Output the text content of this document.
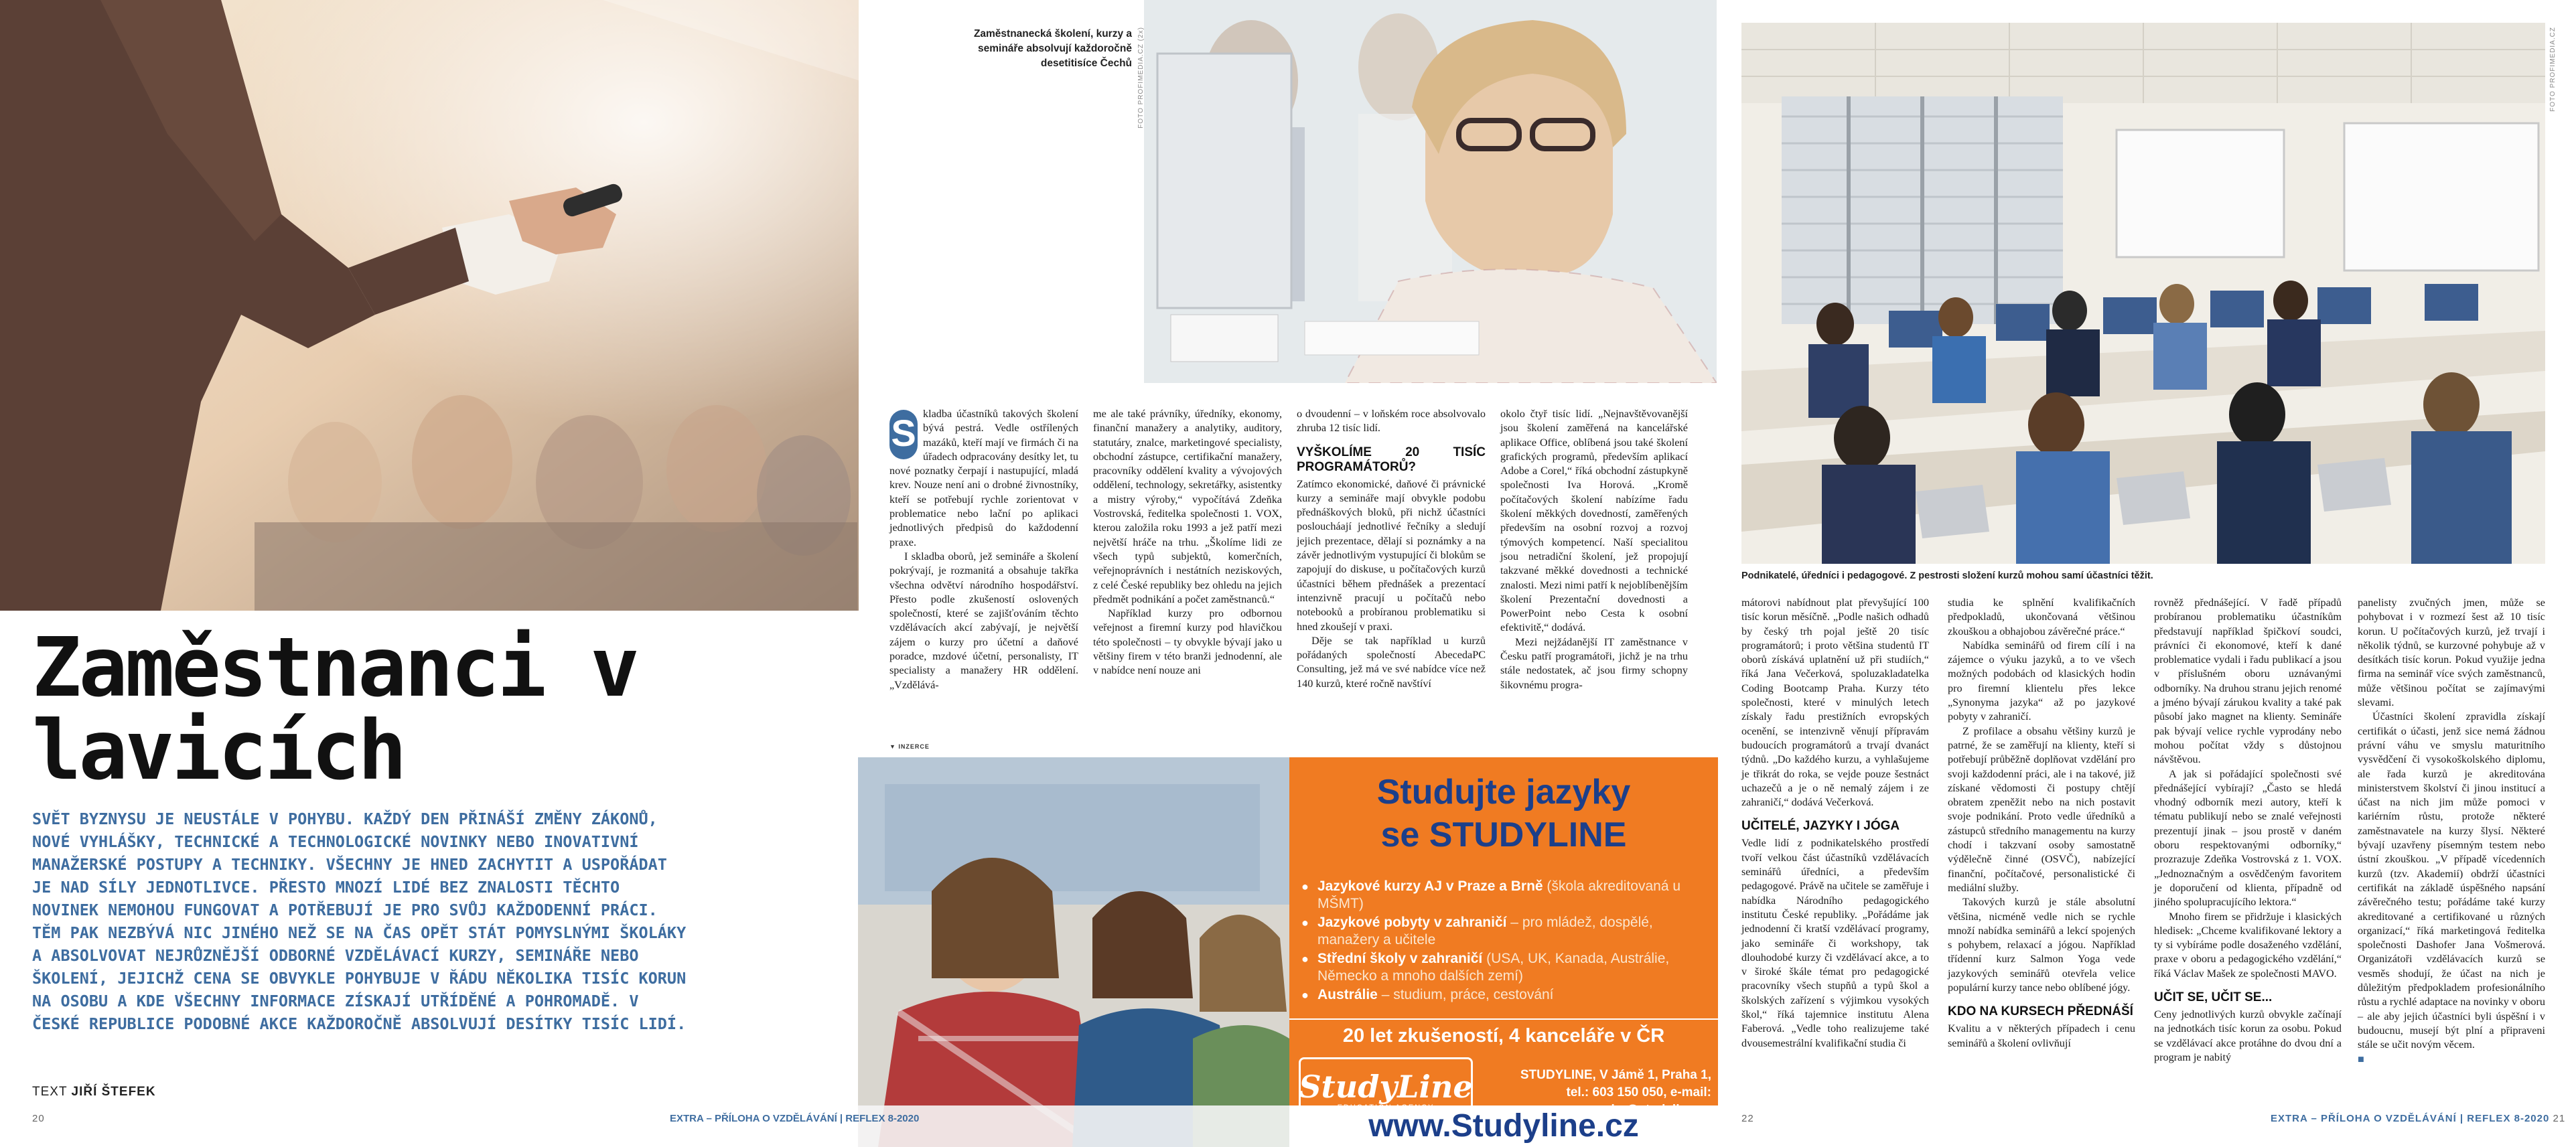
Zaměstnanci v lavicích
SVĚT BYZNYSU JE NEUSTÁLE V POHYBU. KAŽDÝ DEN PŘINÁŠÍ ZMĚNY ZÁKONŮ, NOVÉ VYHLÁŠKY, TECHNICKÉ A TECHNOLOGICKÉ NOVINKY NEBO INOVATIVNÍ MANAŽERSKÉ POSTUPY A TECHNIKY. VŠECHNY JE HNED ZACHYTIT A USPOŘÁDAT JE NAD SÍLY JEDNOTLIVCE. PŘESTO MNOZÍ LIDÉ BEZ ZNALOSTI TĚCHTO NOVINEK NEMOHOU FUNGOVAT A POTŘEBUJÍ JE PRO SVŮJ KAŽDODENNÍ PRÁCI. TĚM PAK NEZBÝVÁ NIC JINÉHO NEŽ SE NA ČAS OPĚT STÁT POMYSLNÝMI ŠKOLÁKY A ABSOLVOVAT NEJRŮZNĚJŠÍ ODBORNÉ VZDĚLÁVACÍ KURZY, SEMINÁŘE NEBO ŠKOLENÍ, JEJICHŽ CENA SE OBVYKLE POHYBUJE V ŘÁDU NĚKOLIKA TISÍC KORUN NA OSOBU A KDE VŠECHNY INFORMACE ZÍSKAJÍ UTŘÍDĚNÉ A POHROMADĚ. V ČESKÉ REPUBLICE PODOBNÉ AKCE KAŽDOROČNĚ ABSOLVUJÍ DESÍTKY TISÍC LIDÍ.
TEXT JIŘÍ ŠTEFEK
20
Zaměstnanecká školení, kurzy a semináře absolvují každoročně desetitisíce Čechů FOTO PROFIMEDIA.CZ (2x)

S kladba účastníků takových školení bývá pestrá. Vedle ostřílených mazáků, kteří mají ve firmách či na úřadech odpracovány desítky let, tu nové poznatky čerpají i nastupující, mladá krev. Nouze není ani o drobné živnostníky, kteří se potřebují rychle zorientovat v problematice nebo lační po aplikaci jednotlivých předpisů do každodenní praxe.

I skladba oborů, jež semináře a školení pokrývají, je rozmanitá a obsahuje takřka všechna odvětví národního hospodářství. Přesto podle zkušeností oslovených společností, které se zajišťováním těchto vzdělávacích akcí zabývají, je největší zájem o kurzy pro účetní a daňové poradce, mzdové účetní, personalisty, IT specialisty a manažery HR oddělení. „Vzdělává-

me ale také právníky, úředníky, ekonomy, finanční manažery a analytiky, auditory, statutáry, znalce, marketingové specialisty, obchodní zástupce, certifikační manažery, pracovníky oddělení kvality a vývojových oddělení, technology, sekretářky, asistentky a mistry výroby,“ vypočítává Zdeňka Vostrovská, ředitelka společnosti 1. VOX, kterou založila roku 1993 a jež patří mezi největší hráče na trhu. „Školíme lidi ze všech typů subjektů, komerčních, veřejnoprávních i nestátních neziskových, z celé České republiky bez ohledu na jejich předmět podnikání a počet zaměstnanců.“

Například kurzy pro odbornou veřejnost a firemní kurzy pod hlavičkou této společnosti – ty obvykle bývají jako u většiny firem v této branži jednodenní, ale v nabídce není nouze ani

o dvoudenní – v loňském roce absolvovalo zhruba 12 tisíc lidí.

VYŠKOLÍME 20 TISÍC PROGRAMÁTORŮ?

Zatímco ekonomické, daňové či právnické kurzy a semináře mají obvykle podobu přednáškových bloků, při nichž účastníci posloucháají jednotlivé řečníky a sledují jejich prezentace, dělají si poznámky a na závěr jednotlivým vystupující či blokům se zapojují do diskuse, u počítačových kurzů účastníci během přednášek a prezentací intenzivně pracují u počítačů nebo notebooků a probíranou problematiku si hned zkoušejí v praxi.

Děje se tak například u kurzů pořádaných společností AbecedaPC Consulting, jež má ve své nabídce více než 140 kurzů, které ročně navštíví

okolo čtyř tisíc lidí. „Nejnavštěvovanější jsou školení zaměřená na kancelářské aplikace Office, oblíbená jsou také školení grafických programů, především aplikací Adobe a Corel,“ říká obchodní zástupkyně společnosti Iva Horová. „Kromě počítačových školení nabízíme řadu školení měkkých dovedností, zaměřených především na osobní rozvoj a rozvoj týmových kompetencí. Naší specialitou jsou netradiční školení, jež propojují takzvané měkké dovednosti a technické znalosti. Mezi nimi patří k nejoblíbenějším školení Prezentační dovednosti a PowerPoint nebo Cesta k osobní efektivitě,“ dodává.

Mezi nejžádanější IT zaměstnance v Česku patří programátoři, jichž je na trhu stále nedostatek, ač jsou firmy schopny šikovnému progra-

▼ INZERCE
Studujte jazyky
se STUDYLINE
● Jazykové kurzy AJ v Praze a Brně (škola akreditovaná u MŠMT)
● Jazykové pobyty v zahraničí – pro mládež, dospělé, manažery a učitele
● Střední školy v zahraničí (USA, UK, Kanada, Austrálie, Německo a mnoho dalších zemí)
● Austrálie – studium, práce, cestování
20 let zkušeností, 4 kanceláře v ČR
StudyLine	STUDYLINE, V Jámě 1, Praha 1,
tel.: 603 150 050, e-mail:
www.Studyline.cz
FOTO PROFIMEDIA.CZ
Podnikatelé, úředníci i pedagogové. Z pestrosti složení kurzů mohou samí účastníci těžit.

mátorovi nabídnout plat převyšující 100 tisíc korun měsíčně. „Podle našich odhadů by český trh pojal ještě 20 tisíc programátorů; i proto většina studentů IT oborů získává uplatnění už při studiích,“ říká Jana Večerková, spoluzakladatelka Coding Bootcamp Praha. Kurzy této společnosti, které v minulých letech získaly řadu prestižních evropských ocenění, se intenzivně věnují přípravám budoucích programátorů a trvají dvanáct týdnů. „Do každého kurzu, a vyhlašujeme je třikrát do roka, se vejde pouze šestnáct uchazečů a je o ně nemalý zájem i ze zahraničí,“ dodává Večerková.

UČITELÉ, JAZYKY I JÓGA

Vedle lidí z podnikatelského prostředí tvoří velkou část účastníků vzdělávacích seminářů úředníci, a především pedagogové. Právě na učitele se zaměřuje i nabídka Národního pedagogického institutu České republiky. „Pořádáme jak jednodenní či kratší vzdělávací programy, jako semináře či workshopy, tak dlouhodobé kurzy či vzdělávací akce, a to v široké škále témat pro pedagogické pracovníky všech stupňů a typů škol a školských zařízení s výjimkou vysokých škol,“ říká tajemnice institutu Alena Faberová. „Vedle toho realizujeme také dvousemestrální kvalifikační studia či

studia ke splnění kvalifikačních předpokladů, ukončovaná většinou zkouškou a obhajobou závěrečné práce.“

Nabídka seminářů od firem cílí i na zájemce o výuku jazyků, a to ve všech možných podobách od klasických hodin pro firemní klientelu přes lekce „Synonyma jazyka“ až po jazykové pobyty v zahraničí.

Z profilace a obsahu většiny kurzů je patrné, že se zaměřují na klienty, kteří si potřebují průběžně doplňovat vzdělání pro svoji každodenní práci, ale i na takové, již získané vědomosti či postupy chtějí obratem zpeněžit nebo na nich postavit svoje podnikání. Proto vedle úředníků a zástupců středního managementu na kurzy chodí i takzvaní osoby samostatně výdělečně činné (OSVČ), nabízející finanční, počítačové, personalistické či mediální služby.

Takových kurzů je stále absolutní většina, nicméně vedle nich se rychle množí nabídka seminářů a lekcí spojených s pohybem, relaxací a jógou. Například třídenní kurz Salmon Yoga vede jazykových seminářů otevřela velice populární kurzy tance nebo oblíbené jógy.

KDO NA KURSECH PŘEDNÁŠÍ

Kvalitu a v některých případech i cenu seminářů a školení ovlivňují

rovněž přednášející. V řadě případů probíranou problematiku účastníkům představují například špičkoví soudci, právníci či ekonomové, kteří k dané problematice vydali i řadu publikací a jsou v příslušném oboru uznávanými odborníky. Na druhou stranu jejich renomé a jméno bývají zárukou kvality a také pak působí jako magnet na klienty. Semináře pak bývají velice rychle vyprodány nebo mohou počítat vždy s důstojnou návštěvou.

A jak si pořádající společnosti své přednášející vybírají? „Často se hledá vhodný odborník mezi autory, kteří k tématu publikují nebo se znalé veřejnosti prezentují jinak – jsou prostě v daném oboru respektovanými odborníky,“ prozrazuje Zdeňka Vostrovská z 1. VOX. „Jednoznačným a osvědčeným favoritem je doporučení od klienta, případně od jiného spolupracujícího lektora.“

Mnoho firem se přidržuje i klasických hledisek: „Chceme kvalifikované lektory a ty si vybíráme podle dosaženého vzdělání, praxe v oboru a pedagogického vzdělání,“ říká Václav Mašek ze společnosti MAVO.

UČIT SE, UČIT SE...

Ceny jednotlivých kurzů obvykle začínají na jednotkách tisíc korun za osobu. Pokud se vzdělávací akce protáhne do dvou dní a program je nabitý

panelisty zvučných jmen, může se pohybovat i v rozmezí šest až 10 tisíc korun. U počítačových kurzů, jež trvají i několik týdnů, se kurzovné pohybuje až v desítkách tisíc korun. Pokud využije jedna firma na seminář více svých zaměstnanců, může většinou počítat se zajímavými slevami.

Účastníci školení zpravidla získají certifikát o účasti, jenž sice nemá žádnou právní váhu ve smyslu maturitního vysvědčení či vysokoškolského diplomu, ale řada kurzů je akreditována ministerstvem školství či jinou institucí a účast na nich jim může pomoci v kariérním růstu, protože některé zaměstnavatele na kurzy šlysí. Některé bývají uzavřeny písemným testem nebo ústní zkouškou. „V případě vícedenních kurzů (tzv. Akademií) obdrží účastníci certifikát na základě úspěšného napsání závěrečného testu; pořádáme také kurzy akreditované a certifikované u různých organizací,“ říká marketingová ředitelka společnosti Dashofer Jana Vošmerová. Organizátoři vzdělávacích kurzů se vesměs shodují, že účast na nich je důležitým předpokladem profesionálního růstu a rychlé adaptace na novinky v oboru – ale aby jejich účastníci byli úspěšní i v budoucnu, musejí být plní a připraveni stále se učit novým věcem.

■
22	EXTRA – PŘÍLOHA O VZDĚLÁVÁNÍ | REFLEX 8-2020 21
EXTRA – PŘÍLOHA O VZDĚLÁVÁNÍ | REFLEX 8-2020
